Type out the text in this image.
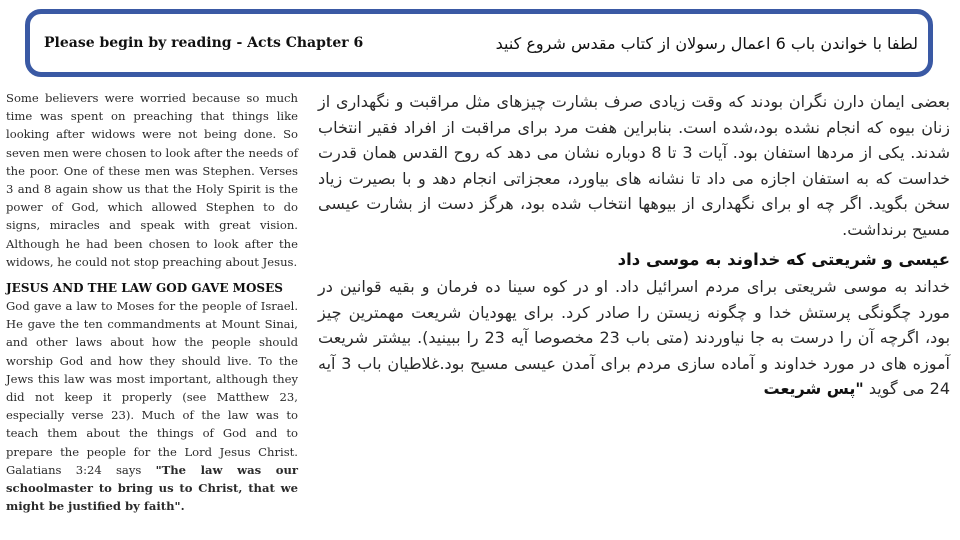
Please begin by reading - Acts Chapter 6	لطفا با خواندن باب 6 اعمال رسولان از کتاب مقدس شروع کنید

Some believers were worried because so much time was spent on preaching that things like looking after widows were not being done. So seven men were chosen to look after the needs of the poor. One of these men was Stephen. Verses 3 and 8 again show us that the Holy Spirit is the power of God, which allowed Stephen to do signs, miracles and speak with great vision. Although he had been chosen to look after the widows, he could not stop preaching about Jesus.

JESUS AND THE LAW GOD GAVE MOSES

God gave a law to Moses for the people of Israel. He gave the ten commandments at Mount Sinai, and other laws about how the people should worship God and how they should live. To the Jews this law was most important, although they did not keep it properly (see Matthew 23, especially verse 23). Much of the law was to teach them about the things of God and to prepare the people for the Lord Jesus Christ. Galatians 3:24 says "The law was our schoolmaster to bring us to Christ, that we might be justified by faith".

بعضی ایمان دارن نگران بودند که وقت زیادی صرف بشارت چیزهای مثل مراقبت و نگهداری از زنان بیوه که انجام نشده بود،شده است. بنابراین هفت مرد برای مراقبت از افراد فقیر انتخاب شدند. یکی از مردها استفان بود. آیات 3 تا 8 دوباره نشان می دهد که روح القدس همان قدرت خداست که به استفان اجازه می داد تا نشانه های بیاورد، معجزاتی انجام دهد و با بصیرت زیاد سخن بگوید. اگر چه او برای نگهداری از بیوهها انتخاب شده بود، هرگز دست از بشارت عیسی مسیح برنداشت.

عیسی و شریعتی که خداوند به موسی داد

خداند به موسی شریعتی برای مردم اسرائیل داد. او در کوه سینا ده فرمان و بقیه قوانین در مورد چگونگی پرستش خدا و چگونه زیستن را صادر کرد. برای یهودیان شریعت مهمترین چیز بود، اگرچه آن را درست به جا نیاوردند (متی باب 23 مخصوصا آیه 23 را ببینید). بیشتر شریعت آموزه های در مورد خداوند و آماده سازی مردم برای آمدن عیسی مسیح بود.غلاطیان باب 3 آیه 24 می گوید "پس شریعت
